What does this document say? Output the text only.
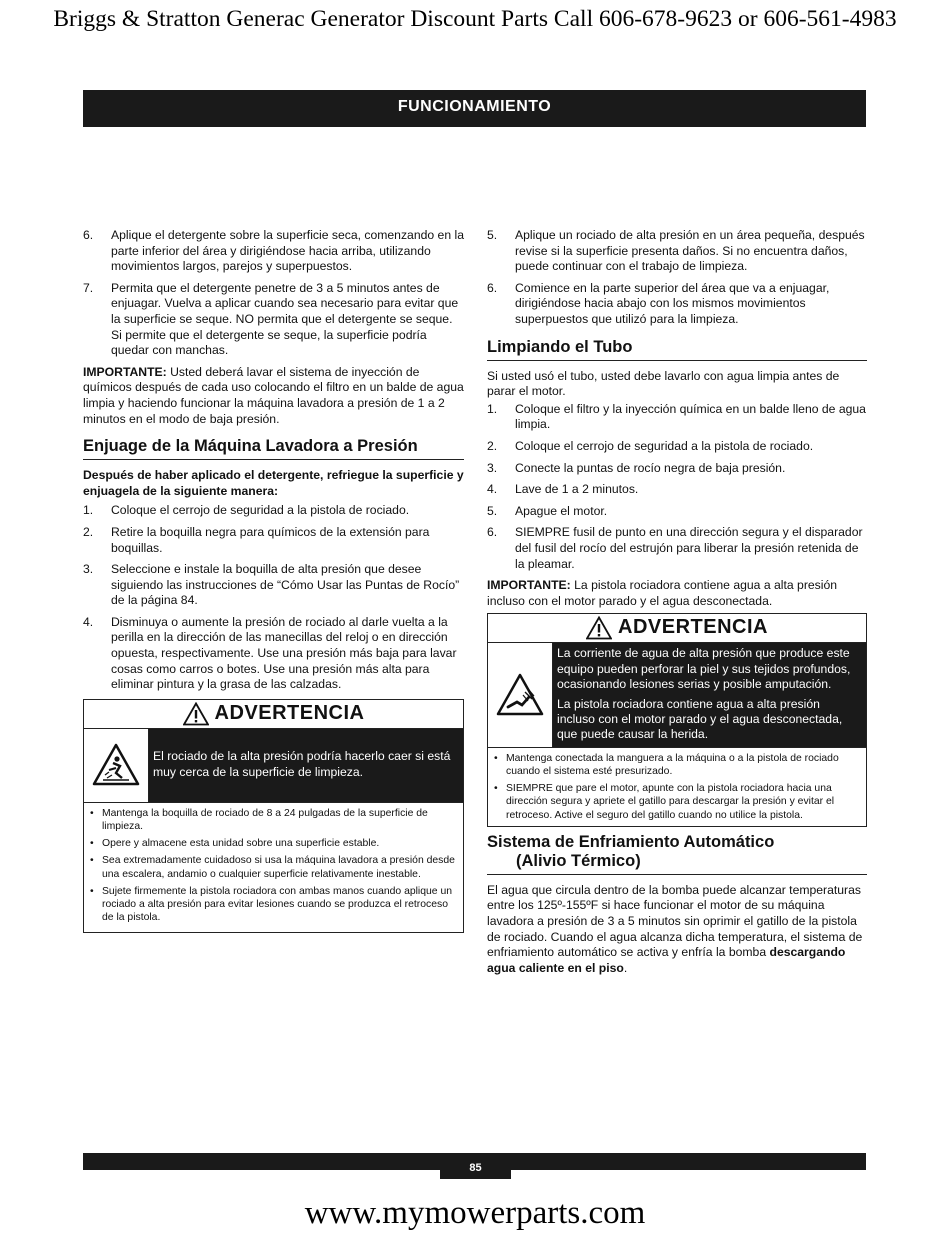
Briggs & Stratton Generac Generator Discount Parts Call 606-678-9623 or 606-561-4983
FUNCIONAMIENTO
6. Aplique el detergente sobre la superficie seca, comenzando en la parte inferior del área y dirigiéndose hacia arriba, utilizando movimientos largos, parejos y superpuestos.
7. Permita que el detergente penetre de 3 a 5 minutos antes de enjuagar. Vuelva a aplicar cuando sea necesario para evitar que la superficie se seque. NO permita que el detergente se seque. Si permite que el detergente se seque, la superficie podría quedar con manchas.

IMPORTANTE: Usted deberá lavar el sistema de inyección de químicos después de cada uso colocando el filtro en un balde de agua limpia y haciendo funcionar la máquina lavadora a presión de 1 a 2 minutos en el modo de baja presión.

Enjuage de la Máquina Lavadora a Presión

Después de haber aplicado el detergente, refriegue la superficie y enjuagela de la siguiente manera:

1. Coloque el cerrojo de seguridad a la pistola de rociado.
2. Retire la boquilla negra para químicos de la extensión para boquillas.
3. Seleccione e instale la boquilla de alta presión que desee siguiendo las instrucciones de “Cómo Usar las Puntas de Rocío” de la página 84.
4. Disminuya o aumente la presión de rociado al darle vuelta a la perilla en la dirección de las manecillas del reloj o en dirección opuesta, respectivamente. Use una presión más baja para lavar cosas como carros o botes. Use una presión más alta para eliminar pintura y la grasa de las calzadas.
ADVERTENCIA
El rociado de la alta presión podría hacerlo caer si está muy cerca de la superficie de limpieza.
• Mantenga la boquilla de rociado de 8 a 24 pulgadas de la superficie de limpieza.
• Opere y almacene esta unidad sobre una superficie estable.
• Sea extremadamente cuidadoso si usa la máquina lavadora a presión desde una escalera, andamio o cualquier superficie relativamente inestable.
• Sujete firmemente la pistola rociadora con ambas manos cuando aplique un rociado a alta presión para evitar lesiones cuando se produzca el retroceso de la pistola.
5. Aplique un rociado de alta presión en un área pequeña, después revise si la superficie presenta daños. Si no encuentra daños, puede continuar con el trabajo de limpieza.
6. Comience en la parte superior del área que va a enjuagar, dirigiéndose hacia abajo con los mismos movimientos superpuestos que utilizó para la limpieza.
Limpiando el Tubo

Si usted usó el tubo, usted debe lavarlo con agua limpia antes de parar el motor.

1. Coloque el filtro y la inyección química en un balde lleno de agua limpia.
2. Coloque el cerrojo de seguridad a la pistola de rociado.
3. Conecte la puntas de rocío negra de baja presión.
4. Lave de 1 a 2 minutos.
5. Apague el motor.
6. SIEMPRE fusil de punto en una dirección segura y el disparador del fusil del rocío del estrujón para liberar la presión retenida de la pleamar.

IMPORTANTE: La pistola rociadora contiene agua a alta presión incluso con el motor parado y el agua desconectada.

ADVERTENCIA

La corriente de agua de alta presión que produce este equipo pueden perforar la piel y sus tejidos profundos, ocasionando lesiones serias y posible amputación.

La pistola rociadora contiene agua a alta presión incluso con el motor parado y el agua desconectada, que puede causar la herida.

• Mantenga conectada la manguera a la máquina o a la pistola de rociado cuando el sistema esté presurizado.
• SIEMPRE que pare el motor, apunte con la pistola rociadora hacia una dirección segura y apriete el gatillo para descargar la presión y evitar el retroceso. Active el seguro del gatillo cuando no utilice la pistola.
Sistema de Enfriamiento Automático
(Alivio Térmico)

El agua que circula dentro de la bomba puede alcanzar temperaturas entre los 125º-155ºF si hace funcionar el motor de su máquina lavadora a presión de 3 a 5 minutos sin oprimir el gatillo de la pistola de rociado. Cuando el agua alcanza dicha temperatura, el sistema de enfriamiento automático se activa y enfría la bomba descargando agua caliente en el piso.

85
www.mymowerparts.com
